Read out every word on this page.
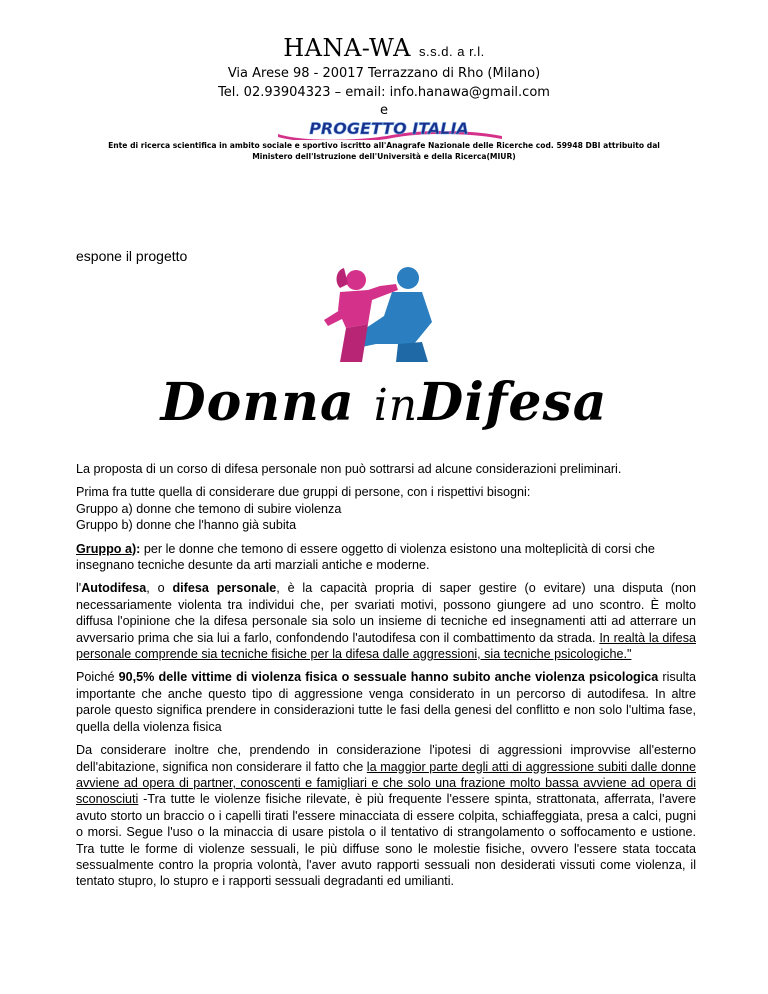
HANA-WA s.s.d. a r.l.
Via Arese 98 - 20017 Terrazzano di Rho (Milano)
Tel. 02.93904323 – email: info.hanawa@gmail.com
e
PROGETTO ITALIA
Ente di ricerca scientifica in ambito sociale e sportivo iscritto all'Anagrafe Nazionale delle Ricerche cod. 59948 DBI attribuito dal
Ministero dell'Istruzione dell'Università e della Ricerca(MIUR)
espone il progetto
Donna inDifesa

La proposta di un corso di difesa personale non può sottrarsi ad alcune considerazioni preliminari.

Prima fra tutte quella di considerare due gruppi di persone, con i rispettivi bisogni:
Gruppo a) donne che temono di subire violenza
Gruppo b) donne che l'hanno già subita

Gruppo a): per le donne che temono di essere oggetto di violenza esistono una molteplicità di corsi che insegnano tecniche desunte da arti marziali antiche e moderne.

l'Autodifesa, o difesa personale, è la capacità propria di saper gestire (o evitare) una disputa (non necessariamente violenta tra individui che, per svariati motivi, possono giungere ad uno scontro. È molto diffusa l'opinione che la difesa personale sia solo un insieme di tecniche ed insegnamenti atti ad atterrare un avversario prima che sia lui a farlo, confondendo l'autodifesa con il combattimento da strada. In realtà la difesa personale comprende sia tecniche fisiche per la difesa dalle aggressioni, sia tecniche psicologiche."

Poiché 90,5% delle vittime di violenza fisica o sessuale hanno subito anche violenza psicologica risulta importante che anche questo tipo di aggressione venga considerato in un percorso di autodifesa. In altre parole questo significa prendere in considerazioni tutte le fasi della genesi del conflitto e non solo l'ultima fase, quella della violenza fisica

Da considerare inoltre che, prendendo in considerazione l'ipotesi di aggressioni improvvise all'esterno dell'abitazione, significa non considerare il fatto che la maggior parte degli atti di aggressione subiti dalle donne avviene ad opera di partner, conoscenti e famigliari e che solo una frazione molto bassa avviene ad opera di sconosciuti -Tra tutte le violenze fisiche rilevate, è più frequente l'essere spinta, strattonata, afferrata, l'avere avuto storto un braccio o i capelli tirati l'essere minacciata di essere colpita, schiaffeggiata, presa a calci, pugni o morsi. Segue l'uso o la minaccia di usare pistola o il tentativo di strangolamento o soffocamento e ustione. Tra tutte le forme di violenze sessuali, le più diffuse sono le molestie fisiche, ovvero l'essere stata toccata sessualmente contro la propria volontà, l'aver avuto rapporti sessuali non desiderati vissuti come violenza, il tentato stupro, lo stupro e i rapporti sessuali degradanti ed umilianti.
